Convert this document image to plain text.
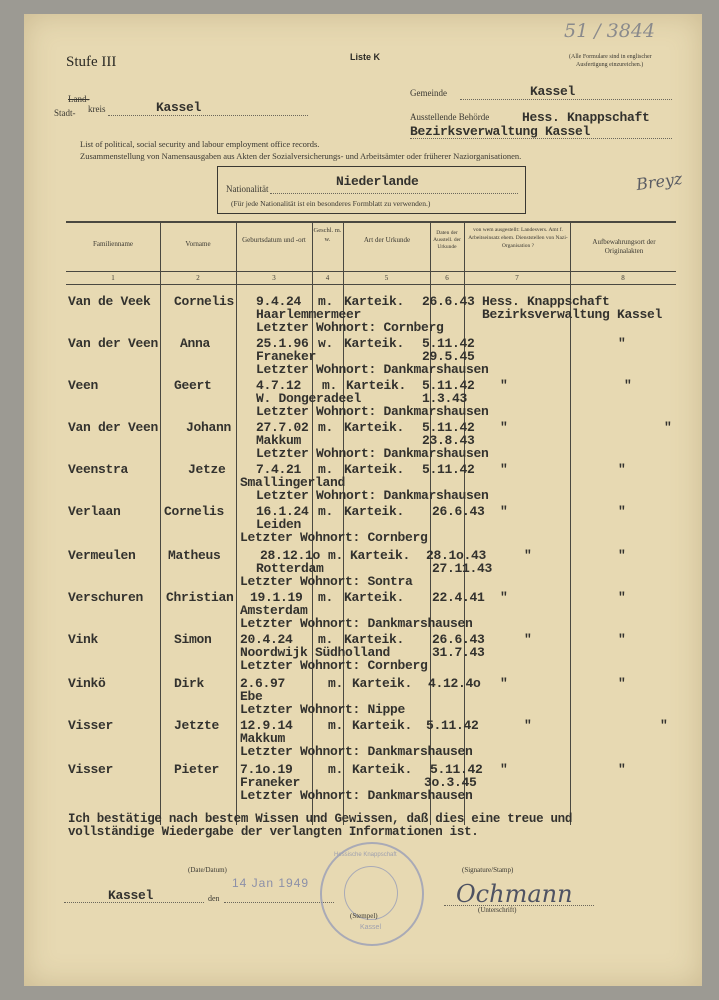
Stufe III	Liste K	(Alle Formulare sind in englischer
Ausfertigung einzureichen.)
51 / 3844
Land-
Stadt- kreis	Kassel
Gemeinde	Kassel
Ausstellende Behörde	Hess. Knappschaft
Bezirksverwaltung Kassel
List of political, social security and labour employment office records.
Zusammenstellung von Namensausgaben aus Akten der Sozialversicherungs- und Arbeitsämter oder früherer Naziorganisationen.
Nationalität	Niederlande
(Für jede Nationalität ist ein besonderes Formblatt zu verwenden.)
Breyz
Familienname	Vorname	Geburtsdatum und -ort
Geschl. m. w.	Art der Urkunde
Daten der Ausstell. der Urkunde
von wem ausgestellt: Landesvers. Amt f. Arbeitseinsatz ehem. Dienststellen von Nazi-Organisation ?	Aufbewahrungsort der Originalakten
1	2	3	4	5	6	7	8
Van de Veek Cornelis 9.4.24 m. Karteik. 26.6.43 Hess. Knappschaft
Haarlemmermeer	Bezirksverwaltung Kassel
Letzter Wohnort: Cornberg
Van der Veen Anna	25.1.96 w. Karteik. 5.11.42	"
Franeker	29.5.45
Letzter Wohnort: Dankmarshausen
Veen	Geert	4.7.12 m. Karteik. 5.11.42 "	"
W. Dongeradeel	1.3.43
Letzter Wohnort: Dankmarshausen
Van der Veen Johann 27.7.02 m. Karteik. 5.11.42 "	"
Makkum	23.8.43
Letzter Wohnort: Dankmarshausen
Veenstra	Jetze 7.4.21 m. Karteik. 5.11.42 "	"
Smallingerland
Letzter Wohnort: Dankmarshausen
Verlaan	Cornelis 16.1.24 m. Karteik. 26.6.43 "	"
Leiden
Letzter Wohnort: Cornberg
Vermeulen Matheus	28.12.1o m. Karteik. 28.1o.43	"	"
Rotterdam	27.11.43
Letzter Wohnort: Sontra
Verschuren Christian 19.1.19 m. Karteik. 22.4.41 "	"
Amsterdam
Letzter Wohnort: Dankmarshausen
Vink	Simon 20.4.24 m. Karteik. 26.6.43	"	"
Noordwijk Südholland	31.7.43
Letzter Wohnort: Cornberg
Vinkö	Dirk	2.6.97	m. Karteik. 4.12.4o "	"
Ebe
Letzter Wohnort: Nippe
Visser	Jetzte 12.9.14	m. Karteik. 5.11.42	"	"
Makkum
Letzter Wohnort: Dankmarshausen
Visser	Pieter 7.1o.19	m. Karteik. 5.11.42 "	"
Franeker	3o.3.45
Letzter Wohnort: Dankmarshausen
Ich bestätige nach bestem Wissen und Gewissen, daß dies eine treue und
vollständige Wiedergabe der verlangten Informationen ist.
(Date/Datum)	(Signature/Stamp)
Kassel	den
14 Jan 1949
Hessische Knappschaft
Kassel
(Stempel)
Ochmann
(Unterschrift)
